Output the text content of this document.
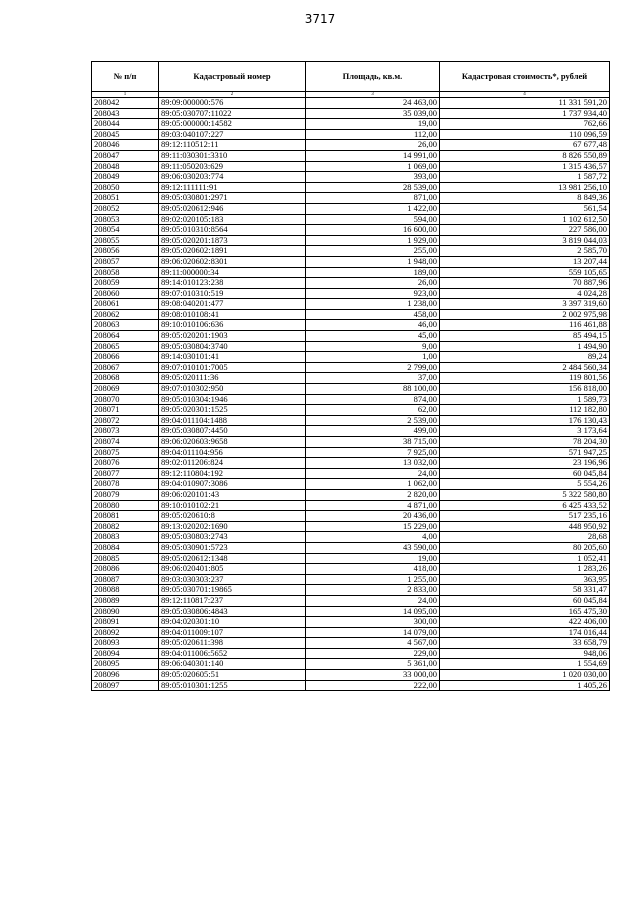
3717
№ п/п	Кадастровый номер	Площадь, кв.м.	Кадастровая стоимость*, рублей
1	2	3	4
208042	89:09:000000:576	24 463,00	11 331 591,20
208043	89:05:030707:11022	35 039,00	1 737 934,40
208044	89:05:000000:14582	19,00	762,66
208045	89:03:040107:227	112,00	110 096,59
208046	89:12:110512:11	26,00	67 677,48
208047	89:11:030301:3310	14 991,00	8 826 550,89
208048	89:11:050203:629	1 069,00	1 315 436,57
208049	89:06:030203:774	393,00	1 587,72
208050	89:12:111111:91	28 539,00	13 981 256,10
208051	89:05:030801:2971	871,00	8 849,36
208052	89:05:020612:946	1 422,00	561,54
208053	89:02:020105:183	594,00	1 102 612,50
208054	89:05:010310:8564	16 600,00	227 586,00
208055	89:05:020201:1873	1 929,00	3 819 044,03
208056	89:05:020602:1891	255,00	2 585,70
208057	89:06:020602:8301	1 948,00	13 207,44
208058	89:11:000000:34	189,00	559 105,65
208059	89:14:010123:238	26,00	70 887,96
208060	89:07:010310:519	923,00	4 024,28
208061	89:08:040201:477	1 238,00	3 397 319,60
208062	89:08:010108:41	458,00	2 002 975,98
208063	89:10:010106:636	46,00	116 461,88
208064	89:05:020201:1903	45,00	85 494,15
208065	89:05:030804:3740	9,00	1 494,90
208066	89:14:030101:41	1,00	89,24
208067	89:07:010101:7005	2 799,00	2 484 560,34
208068	89:05:020111:36	37,00	119 801,56
208069	89:07:010302:950	88 100,00	156 818,00
208070	89:05:010304:1946	874,00	1 589,73
208071	89:05:020301:1525	62,00	112 182,80
208072	89:04:011104:1488	2 539,00	176 130,43
208073	89:05:030807:4450	499,00	3 173,64
208074	89:06:020603:9658	38 715,00	78 204,30
208075	89:04:011104:956	7 925,00	571 947,25
208076	89:02:011206:824	13 032,00	23 196,96
208077	89:12:110804:192	24,00	60 045,84
208078	89:04:010907:3086	1 062,00	5 554,26
208079	89:06:020101:43	2 820,00	5 322 580,80
208080	89:10:010102:21	4 871,00	6 425 433,52
208081	89:05:020610:8	20 436,00	517 235,16
208082	89:13:020202:1690	15 229,00	448 950,92
208083	89:05:030803:2743	4,00	28,68
208084	89:05:030901:5723	43 590,00	80 205,60
208085	89:05:020612:1348	19,00	1 052,41
208086	89:06:020401:805	418,00	1 283,26
208087	89:03:030303:237	1 255,00	363,95
208088	89:05:030701:19865	2 833,00	58 331,47
208089	89:12:110817:237	24,00	60 045,84
208090	89:05:030806:4843	14 095,00	165 475,30
208091	89:04:020301:10	300,00	422 406,00
208092	89:04:011009:107	14 079,00	174 016,44
208093	89:05:020611:398	4 567,00	33 658,79
208094	89:04:011006:5652	229,00	948,06
208095	89:06:040301:140	5 361,00	1 554,69
208096	89:05:020605:51	33 000,00	1 020 030,00
208097	89:05:010301:1255	222,00	1 405,26
